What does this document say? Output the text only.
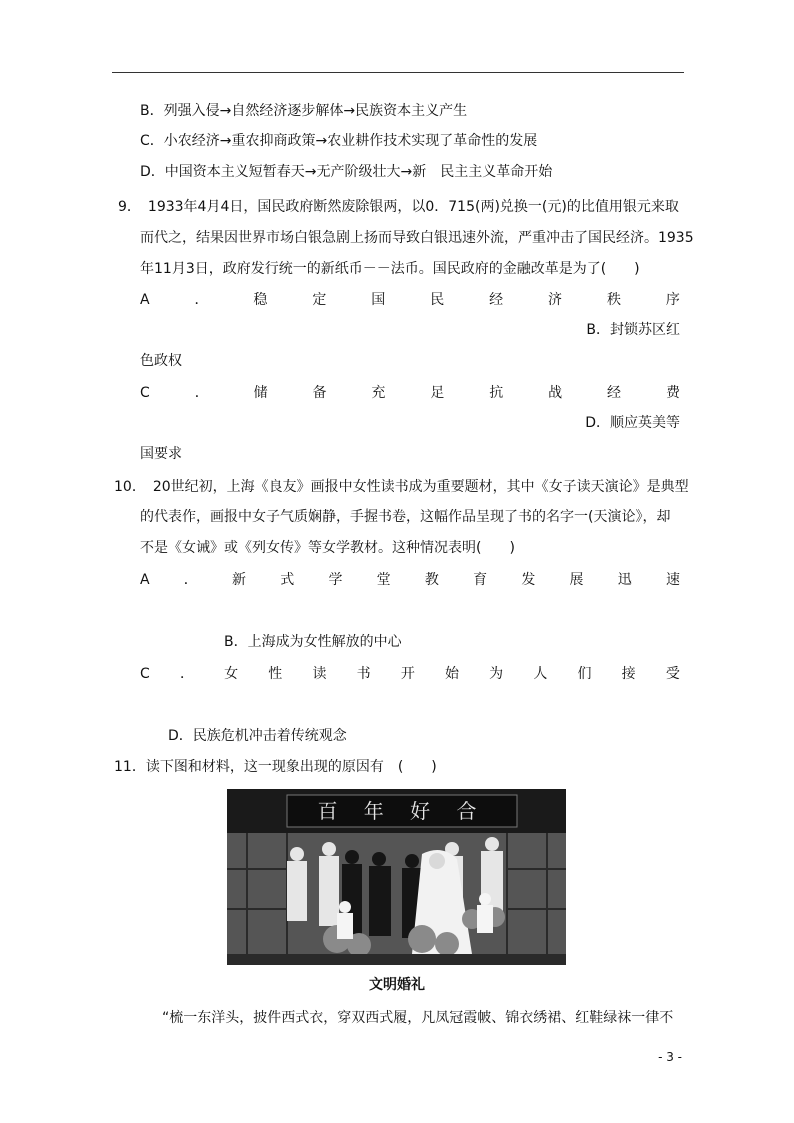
B．列强入侵→自然经济逐步解体→民族资本主义产生
C．小农经济→重农抑商政策→农业耕作技术实现了革命性的发展
D．中国资本主义短暂春天→无产阶级壮大→新　民主主义革命开始
9．　1933年4月4日，国民政府断然废除银两，以0．715(两)兑换一(元)的比值用银元来取
而代之，结果因世界市场白银急剧上扬而导致白银迅速外流，严重冲击了国民经济。1935
年11月3日，政府发行统一的新纸币－－法币。国民政府的金融改革是为了(　　)
A	．	稳	定	国	民	经	济	秩	序
B．封锁苏区红
色政权
C	．	储	备	充	足	抗	战	经	费
D．顺应英美等
国要求
10．　20世纪初，上海《良友》画报中女性读书成为重要题材，其中《女子读天演论》是典型
的代表作，画报中女子气质娴静，手握书卷，这幅作品呈现了书的名字一(天演论》，却
不是《女诫》或《列女传》等女学教材。这种情况表明(　　)
A ． 新 式 学 堂 教 育 发 展 迅 速
B．上海成为女性解放的中心
C ． 女 性 读 书 开 始 为 人 们 接 受
D．民族危机冲击着传统观念
11．读下图和材料，这一现象出现的原因有　(　　)
百 年 好 合
文明婚礼
“梳一东洋头，披件西式衣，穿双西式履，凡凤冠霞帔、锦衣绣裙、红鞋绿袜一律不
- 3 -
